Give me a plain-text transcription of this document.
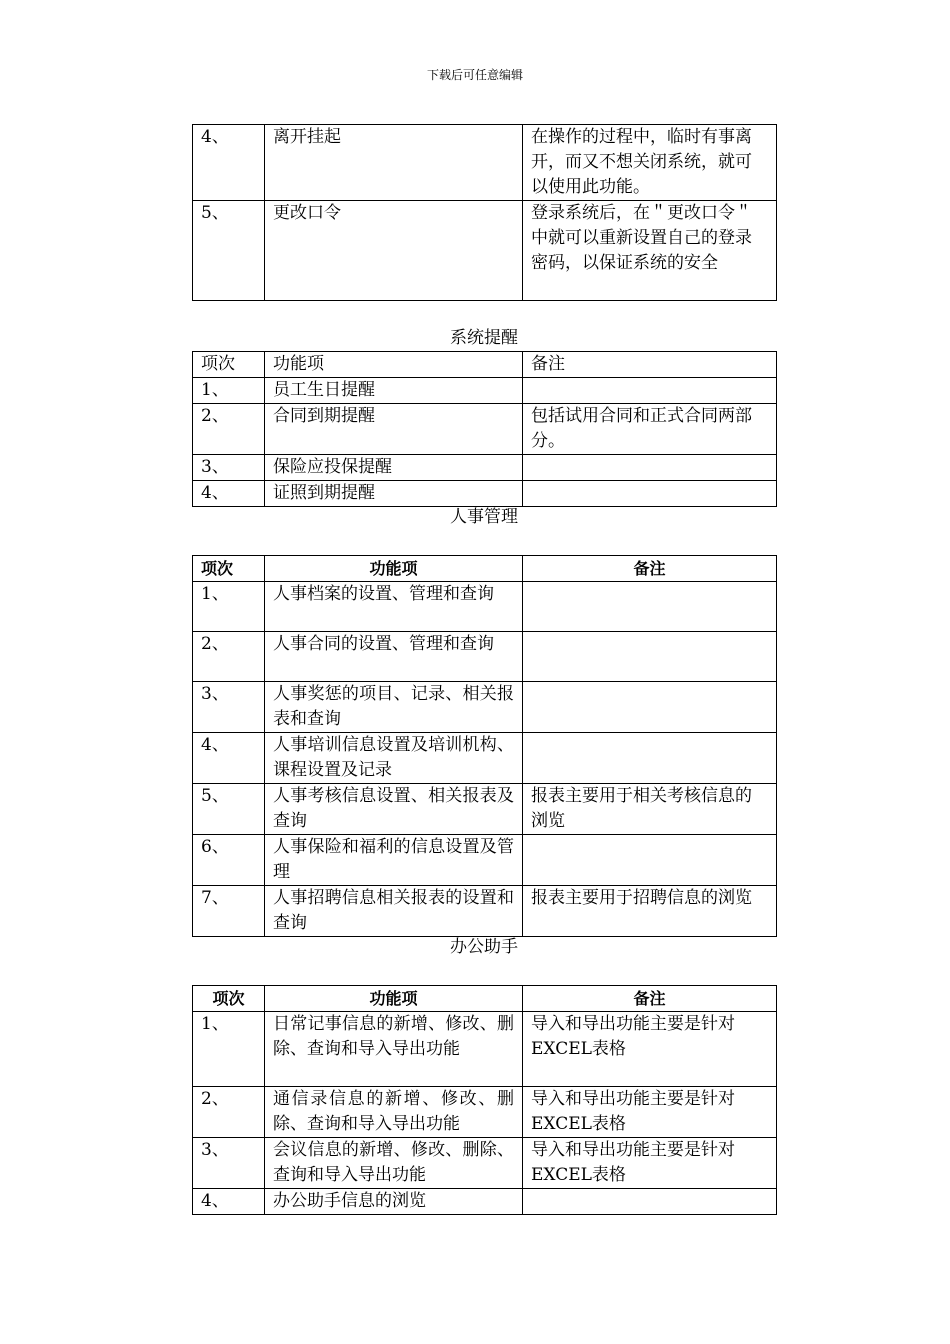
下载后可任意编辑
4、	离开挂起	在操作的过程中，临时有事离开，而又不想关闭系统，就可以使用此功能。
5、	更改口令	登录系统后，在＂更改口令＂中就可以重新设置自己的登录密码，以保证系统的安全
系统提醒
项次	功能项	备注
1、	员工生日提醒	
2、	合同到期提醒	包括试用合同和正式合同两部分。
3、	保险应投保提醒	
4、	证照到期提醒	
人事管理
项次	功能项	备注
1、	人事档案的设置、管理和查询	
2、	人事合同的设置、管理和查询	
3、	人事奖惩的项目、记录、相关报表和查询	
4、	人事培训信息设置及培训机构、课程设置及记录	
5、	人事考核信息设置、相关报表及查询	报表主要用于相关考核信息的浏览
6、	人事保险和福利的信息设置及管理	
7、	人事招聘信息相关报表的设置和查询	报表主要用于招聘信息的浏览
办公助手
项次	功能项	备注
1、	日常记事信息的新增、修改、删除、查询和导入导出功能	导入和导出功能主要是针对EXCEL表格
2、	通信录信息的新增、修改、删除、查询和导入导出功能	导入和导出功能主要是针对EXCEL表格
3、	会议信息的新增、修改、删除、查询和导入导出功能	导入和导出功能主要是针对EXCEL表格
4、	办公助手信息的浏览	
